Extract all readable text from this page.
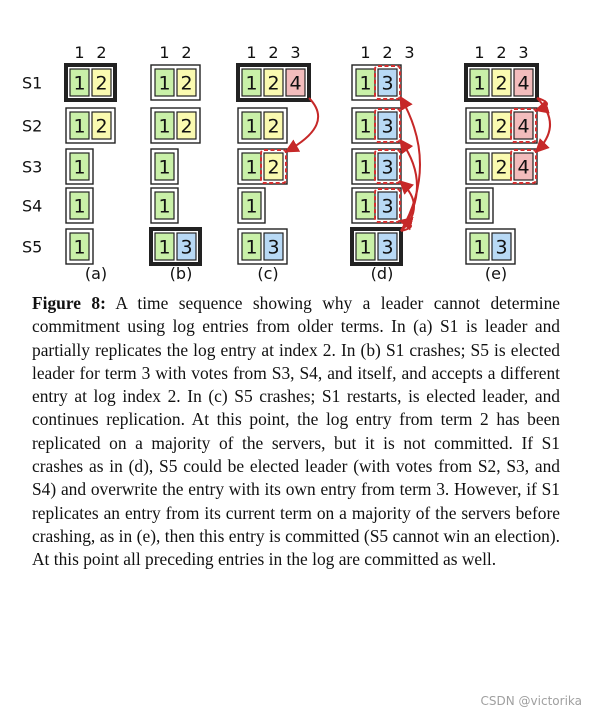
S1
S2
S3
S4
S5
1 2
1 2
1 2
1
1
1
(a)
1 2
1 2
1 2
1
1
1 3
(b)
1 2 3
1 2 4
1 2
1 2
1
1 3
(c)
1 2 3
1 3
1 3
1 3
1 3
1 3
(d)
1 2 3
1 2 4
1 2 4
1 2 4
1
1 3
(e)

Figure 8: A time sequence showing why a leader cannot determine commitment using log entries from older terms. In (a) S1 is leader and partially replicates the log entry at index 2. In (b) S1 crashes; S5 is elected leader for term 3 with votes from S3, S4, and itself, and accepts a different entry at log index 2. In (c) S5 crashes; S1 restarts, is elected leader, and continues replication. At this point, the log entry from term 2 has been replicated on a majority of the servers, but it is not committed. If S1 crashes as in (d), S5 could be elected leader (with votes from S2, S3, and S4) and overwrite the entry with its own entry from term 3. However, if S1 replicates an entry from its current term on a majority of the servers before crashing, as in (e), then this entry is committed (S5 cannot win an election). At this point all preceding entries in the log are committed as well.

CSDN @victorika
